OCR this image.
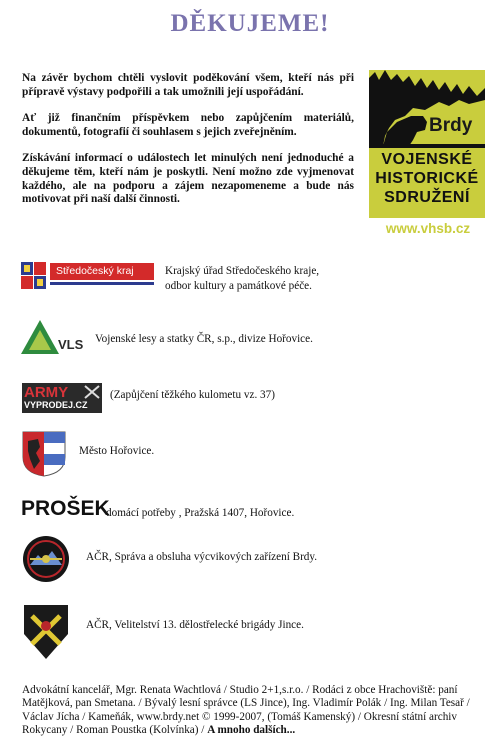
DĚKUJEME!

Na závěr bychom chtěli vyslovit poděkování všem, kteří nás při přípravě výstavy podpořili a tak umožnili její uspořádání.

Ať již finančním příspěvkem nebo zapůjčením materiálů, dokumentů, fotografií či souhlasem s jejich zveřejněním.

Získávání informací o událostech let minulých není jednoduché a děkujeme těm, kteří nám je poskytli. Není možno zde vyjmenovat každého, ale na podporu a zájem nezapomeneme a bude nás motivovat při naší další činnosti.

Brdy
VOJENSKÉ
HISTORICKÉ
SDRUŽENÍ
www.vhsb.cz
Středočeský kraj	Krajský úřad Středočeského kraje,
odbor kultury a památkové péče.
VLS Vojenské lesy a statky ČR, s.p., divize Hořovice.
ARMY
VYPRODEJ.CZ
(Zapůjčení těžkého kulometu vz. 37)
Město Hořovice.
PROŠEK
domácí potřeby , Pražská 1407, Hořovice.
AČR, Správa a obsluha výcvikových zařízení Brdy.
AČR, Velitelství 13. dělostřelecké brigády Jince.
Advokátní kancelář, Mgr. Renata Wachtlová / Studio 2+1,s.r.o. / Rodáci z obce Hrachoviště: paní Matějková, pan Smetana. / Bývalý lesní správce (LS Jince), Ing. Vladimír Polák / Ing. Milan Tesař / Václav Jícha / Kameňák, www.brdy.net © 1999-2007, (Tomáš Kamenský) / Okresní státní archiv Rokycany / Roman Poustka (Kolvínka) / A mnoho dalších...
